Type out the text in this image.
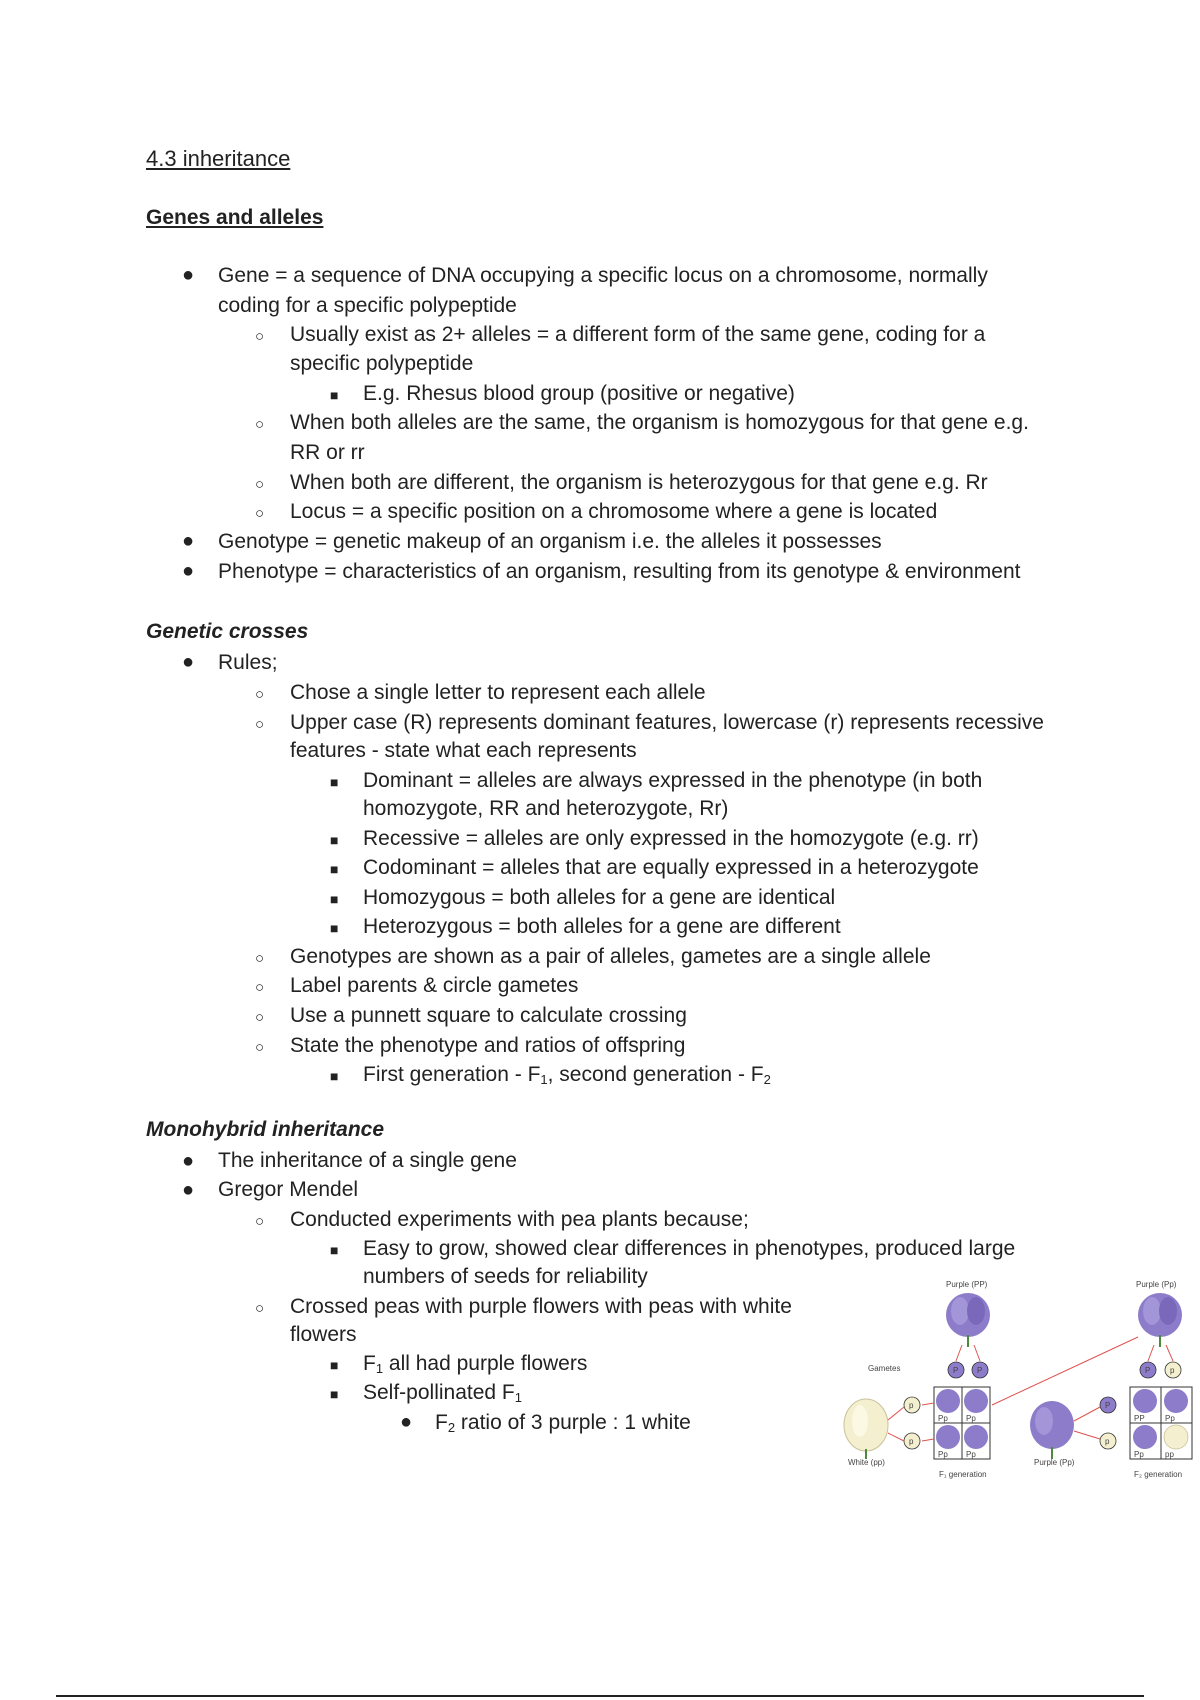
4.3 inheritance
Genes and alleles
● Gene = a sequence of DNA occupying a specific locus on a chromosome, normally
coding for a specific polypeptide
○ Usually exist as 2+ alleles = a different form of the same gene, coding for a
specific polypeptide
■ E.g. Rhesus blood group (positive or negative)
○ When both alleles are the same, the organism is homozygous for that gene e.g.
RR or rr
○ When both are different, the organism is heterozygous for that gene e.g. Rr
○ Locus = a specific position on a chromosome where a gene is located
● Genotype = genetic makeup of an organism i.e. the alleles it possesses
● Phenotype = characteristics of an organism, resulting from its genotype & environment
Genetic crosses
● Rules;
○ Chose a single letter to represent each allele
○ Upper case (R) represents dominant features, lowercase (r) represents recessive
features - state what each represents
■ Dominant = alleles are always expressed in the phenotype (in both
homozygote, RR and heterozygote, Rr)
■ Recessive = alleles are only expressed in the homozygote (e.g. rr)
■ Codominant = alleles that are equally expressed in a heterozygote
■ Homozygous = both alleles for a gene are identical
■ Heterozygous = both alleles for a gene are different
○ Genotypes are shown as a pair of alleles, gametes are a single allele
○ Label parents & circle gametes
○ Use a punnett square to calculate crossing
○ State the phenotype and ratios of offspring
■ First generation - $F_1$, second generation - $F_2$
Monohybrid inheritance
● The inheritance of a single gene
● Gregor Mendel
○ Conducted experiments with pea plants because;
■ Easy to grow, showed clear differences in phenotypes, produced large
numbers of seeds for reliability
○ Crossed peas with purple flowers with peas with white
flowers
■ $F_1$ all had purple flowers
■ Self-pollinated $F_1$
● $F_2$ ratio of 3 purple : 1 white
Purple (PP)	Purple (Pp)
Gametes
White (pp)	Purple (Pp)
F₁ generation	F₂ generation
P P	P p
p
p
Pp Pp
Pp Pp
P
p
PP	Pp
Pp	pp
